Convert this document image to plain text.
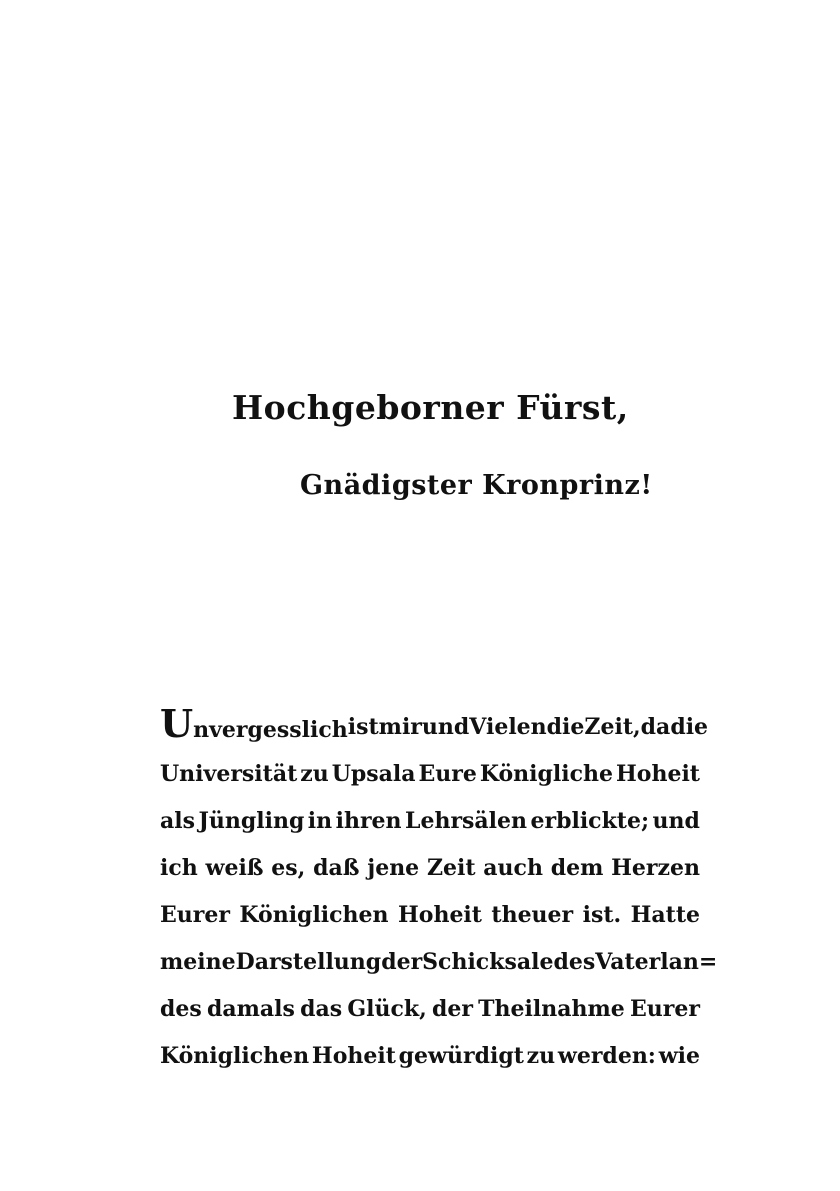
Hochgeborner Fürst,
Gnädigster Kronprinz!
Unvergesslich ist mir und Vielen die Zeit, da die
Universität zu Upsala Eure Königliche Hoheit
als Jüngling in ihren Lehrsälen erblickte; und
ich weiß es, daß jene Zeit auch dem Herzen
Eurer Königlichen Hoheit theuer ist. Hatte
meine Darstellung der Schicksale des Vaterlan=
des damals das Glück, der Theilnahme Eurer
Königlichen Hoheit gewürdigt zu werden: wie
